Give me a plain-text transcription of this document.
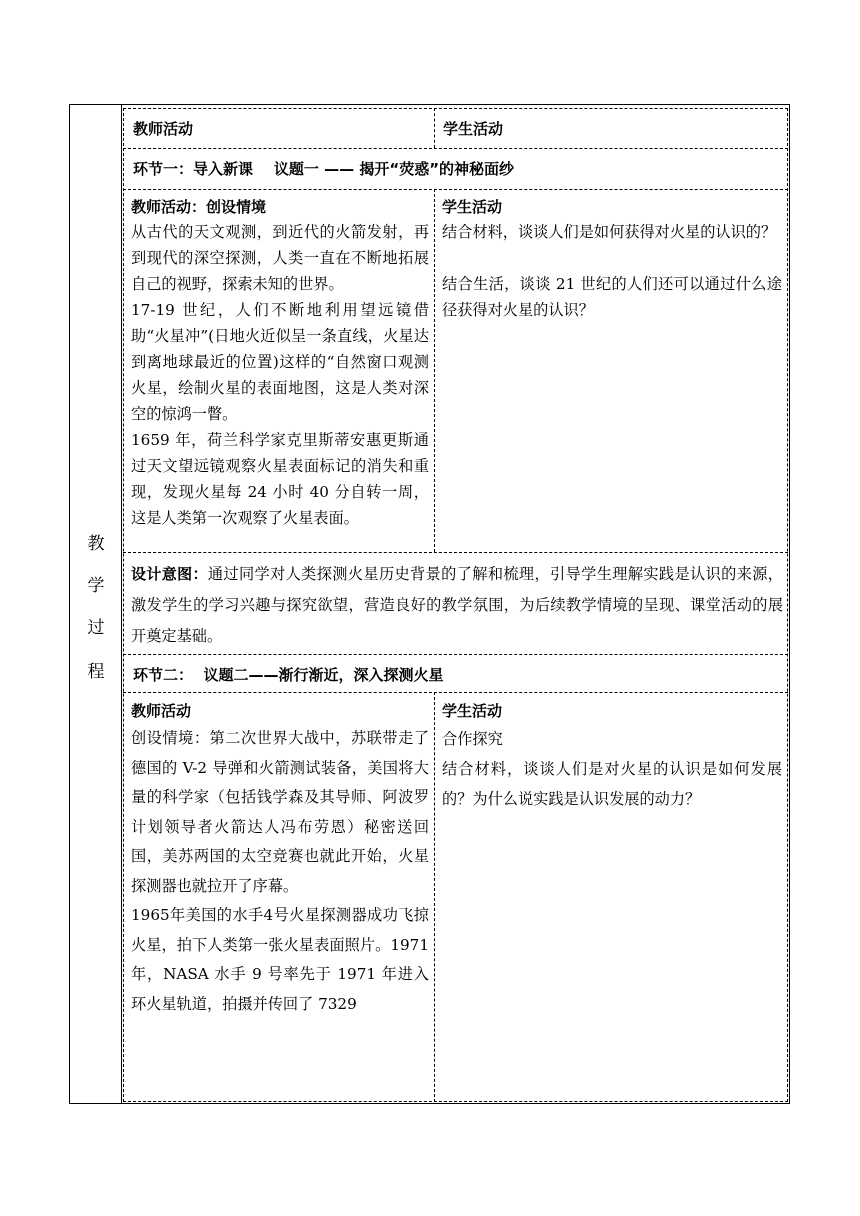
教
学
过
程
教师活动	学生活动
环节一：导入新课    议题一 —— 揭开“荧惑”的神秘面纱
教师活动：创设情境

从古代的天文观测，到近代的火箭发射，再到现代的深空探测，人类一直在不断地拓展自己的视野，探索未知的世界。

17-19 世纪，人们不断地利用望远镜借助“火星冲”(日地火近似呈一条直线，火星达到离地球最近的位置)这样的“自然窗口观测火星，绘制火星的表面地图，这是人类对深空的惊鸿一瞥。

1659 年，荷兰科学家克里斯蒂安惠更斯通过天文望远镜观察火星表面标记的消失和重现，发现火星每 24 小时 40 分自转一周，这是人类第一次观察了火星表面。

学生活动

结合材料，谈谈人们是如何获得对火星的认识的？

结合生活，谈谈 21 世纪的人们还可以通过什么途径获得对火星的认识？

设计意图：通过同学对人类探测火星历史背景的了解和梳理，引导学生理解实践是认识的来源，激发学生的学习兴趣与探究欲望，营造良好的教学氛围，为后续教学情境的呈现、课堂活动的展开奠定基础。

环节二：  议题二——渐行渐近，深入探测火星
教师活动

创设情境：第二次世界大战中，苏联带走了德国的 V-2 导弹和火箭测试装备，美国将大量的科学家（包括钱学森及其导师、阿波罗计划领导者火箭达人冯布劳恩）秘密送回国，美苏两国的太空竞赛也就此开始，火星探测器也就拉开了序幕。

1965年美国的水手4号火星探测器成功飞掠火星，拍下人类第一张火星表面照片。1971 年，NASA 水手 9 号率先于 1971 年进入环火星轨道，拍摄并传回了 7329

学生活动

合作探究

结合材料，谈谈人们是对火星的认识是如何发展的？为什么说实践是认识发展的动力？
